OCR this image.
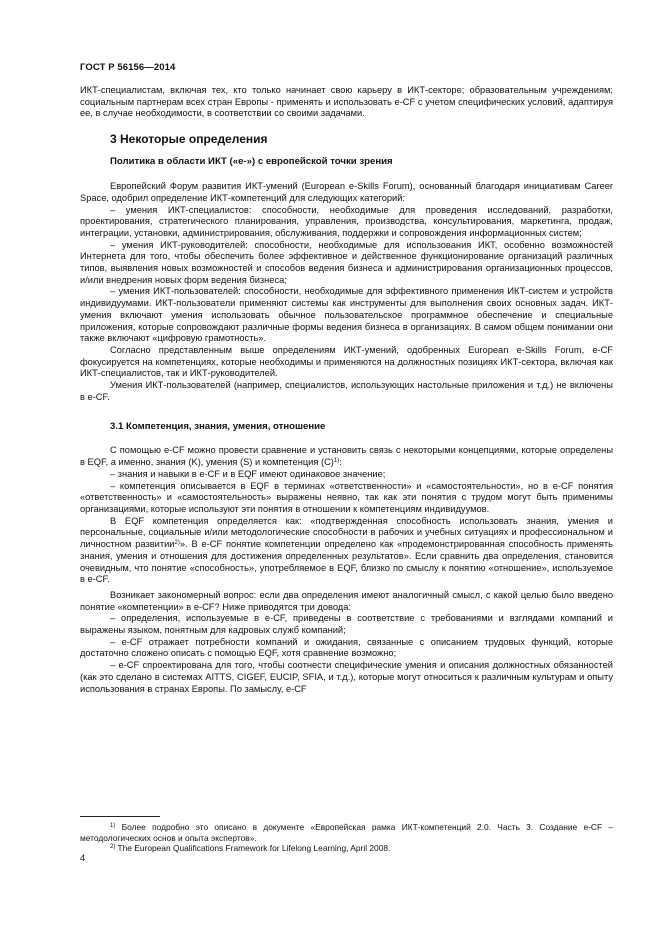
ГОСТ Р 56156—2014

ИКТ-специалистам, включая тех, кто только начинает свою карьеру в ИКТ-секторе; образовательным учреждениям; социальным партнерам всех стран Европы - применять и использовать e-CF с учетом специфических условий, адаптируя ее, в случае необходимости, в соответствии со своими задачами.

3 Некоторые определения
Политика в области ИКТ («e-») с европейской точки зрения

Европейский Форум развития ИКТ-умений (European e-Skills Forum), основанный благодаря инициативам Career Space, одобрил определение ИКТ-компетенций для следующих категорий:

– умения ИКТ-специалистов: способности, необходимые для проведения исследований, разработки, проектирования, стратегического планирования, управления, производства, консультирования, маркетинга, продаж, интеграции, установки, администрирования, обслуживания, поддержки и сопровождения информационных систем;

– умения ИКТ-руководителей: способности, необходимые для использования ИКТ, особенно возможностей Интернета для того, чтобы обеспечить более эффективное и действенное функционирование организаций различных типов, выявления новых возможностей и способов ведения бизнеса и администрирования организационных процессов, и/или внедрения новых форм ведения бизнеса;

– умения ИКТ-пользователей: способности, необходимые для эффективного применения ИКТ-систем и устройств индивидуумами. ИКТ-пользователи применяют системы как инструменты для выполнения своих основных задач. ИКТ-умения включают умения использовать обычное пользовательское программное обеспечение и специальные приложения, которые сопровождают различные формы ведения бизнеса в организациях. В самом общем понимании они также включают «цифровую грамотность».

Согласно представленным выше определениям ИКТ-умений, одобренных European e-Skills Forum, e-CF фокусируется на компетенциях, которые необходимы и применяются на должностных позициях ИКТ-сектора, включая как ИКТ-специалистов, так и ИКТ-руководителей.

Умения ИКТ-пользователей (например, специалистов, использующих настольные приложения и т.д.) не включены в e-CF.

3.1 Компетенция, знания, умения, отношение

С помощью e-CF можно провести сравнение и установить связь с некоторыми концепциями, которые определены в EQF, а именно, знания (K), умения (S) и компетенция $(С)^{1)}$:

– знания и навыки в e-CF и в EQF имеют одинаковое значение;

– компетенция описывается в EQF в терминах «ответственности» и «самостоятельности», но в e-CF понятия «ответственность» и «самостоятельность» выражены неявно, так как эти понятия с трудом могут быть применимы организациями, которые используют эти понятия в отношении к компетенциям индивидуумов.

В EQF компетенция определяется как: «подтвержденная способность использовать знания, умения и персональные, социальные и/или методологические способности в рабочих и учебных ситуациях и профессиональном и личностном развитии$^{2)}$». В e-CF понятие компетенции определено как «продемонстрированная способность применять знания, умения и отношения для достижения определенных результатов». Если сравнить два определения, становится очевидным, что понятие «способность», употребляемое в EQF, близко по смыслу к понятию «отношение», используемое в e-CF.

Возникает закономерный вопрос: если два определения имеют аналогичный смысл, с какой целью было введено понятие «компетенции» в e-CF? Ниже приводятся три довода:

– определения, используемые в e-CF, приведены в соответствие с требованиями и взглядами компаний и выражены языком, понятным для кадровых служб компаний;

– e-CF отражает потребности компаний и ожидания, связанные с описанием трудовых функций, которые достаточно сложено описать с помощью EQF, хотя сравнение возможно;

– e-CF спроектирована для того, чтобы соотнести специфические умения и описания должностных обязанностей (как это сделано в системах AITTS, CIGEF, EUCIP, SFIA, и т.д.), которые могут относиться к различным культурам и опыту использования в странах Европы. По замыслу, e-CF

$^{1)}$ Более подробно это описано в документе «Европейская рамка ИКТ-компетенций 2.0. Часть 3. Создание e-CF – методологических основ и опыта экспертов».

$^{2)}$ The European Qualifications Framework for Lifelong Learning, April 2008.

4
